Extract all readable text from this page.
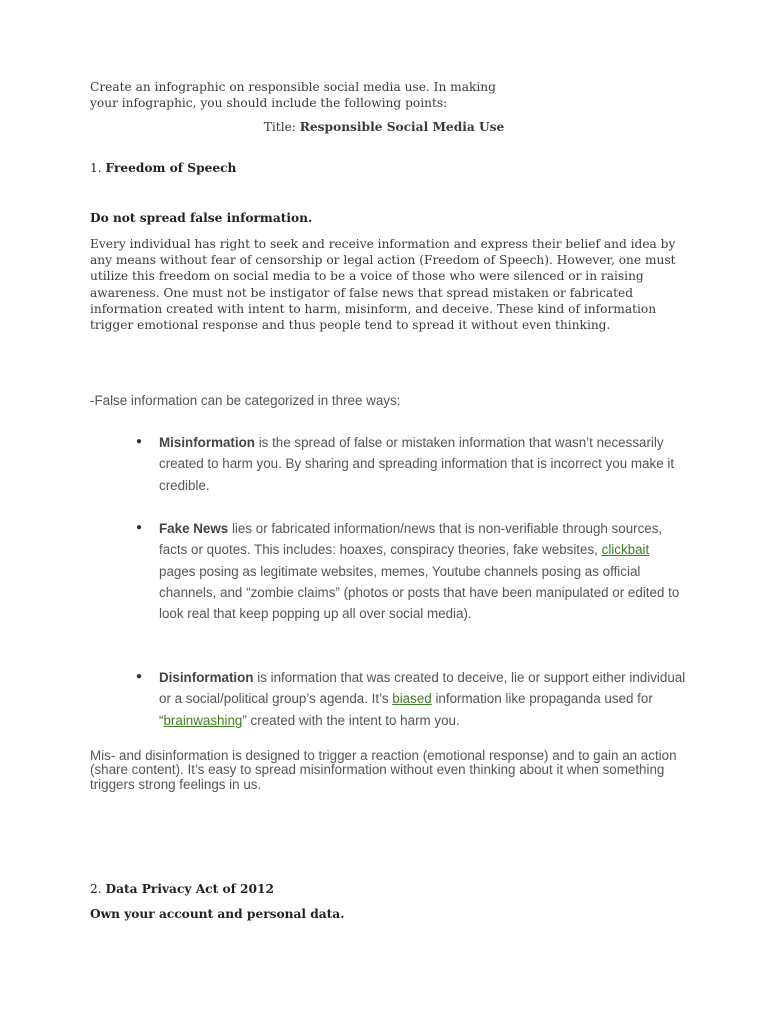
Create an infographic on responsible social media use. In making your infographic, you should include the following points:
Title: Responsible Social Media Use
1. Freedom of Speech
Do not spread false information.
Every individual has right to seek and receive information and express their belief and idea by any means without fear of censorship or legal action (Freedom of Speech). However, one must utilize this freedom on social media to be a voice of those who were silenced or in raising awareness. One must not be instigator of false news that spread mistaken or fabricated information created with intent to harm, misinform, and deceive. These kind of information trigger emotional response and thus people tend to spread it without even thinking.
-False information can be categorized in three ways:
● Misinformation is the spread of false or mistaken information that wasn’t necessarily created to harm you. By sharing and spreading information that is incorrect you make it credible.
● Fake News lies or fabricated information/news that is non-verifiable through sources, facts or quotes. This includes: hoaxes, conspiracy theories, fake websites, clickbait pages posing as legitimate websites, memes, Youtube channels posing as official channels, and “zombie claims” (photos or posts that have been manipulated or edited to look real that keep popping up all over social media).
● Disinformation is information that was created to deceive, lie or support either individual or a social/political group’s agenda. It’s biased information like propaganda used for “brainwashing” created with the intent to harm you.
Mis- and disinformation is designed to trigger a reaction (emotional response) and to gain an action (share content). It’s easy to spread misinformation without even thinking about it when something triggers strong feelings in us.
2. Data Privacy Act of 2012
Own your account and personal data.
